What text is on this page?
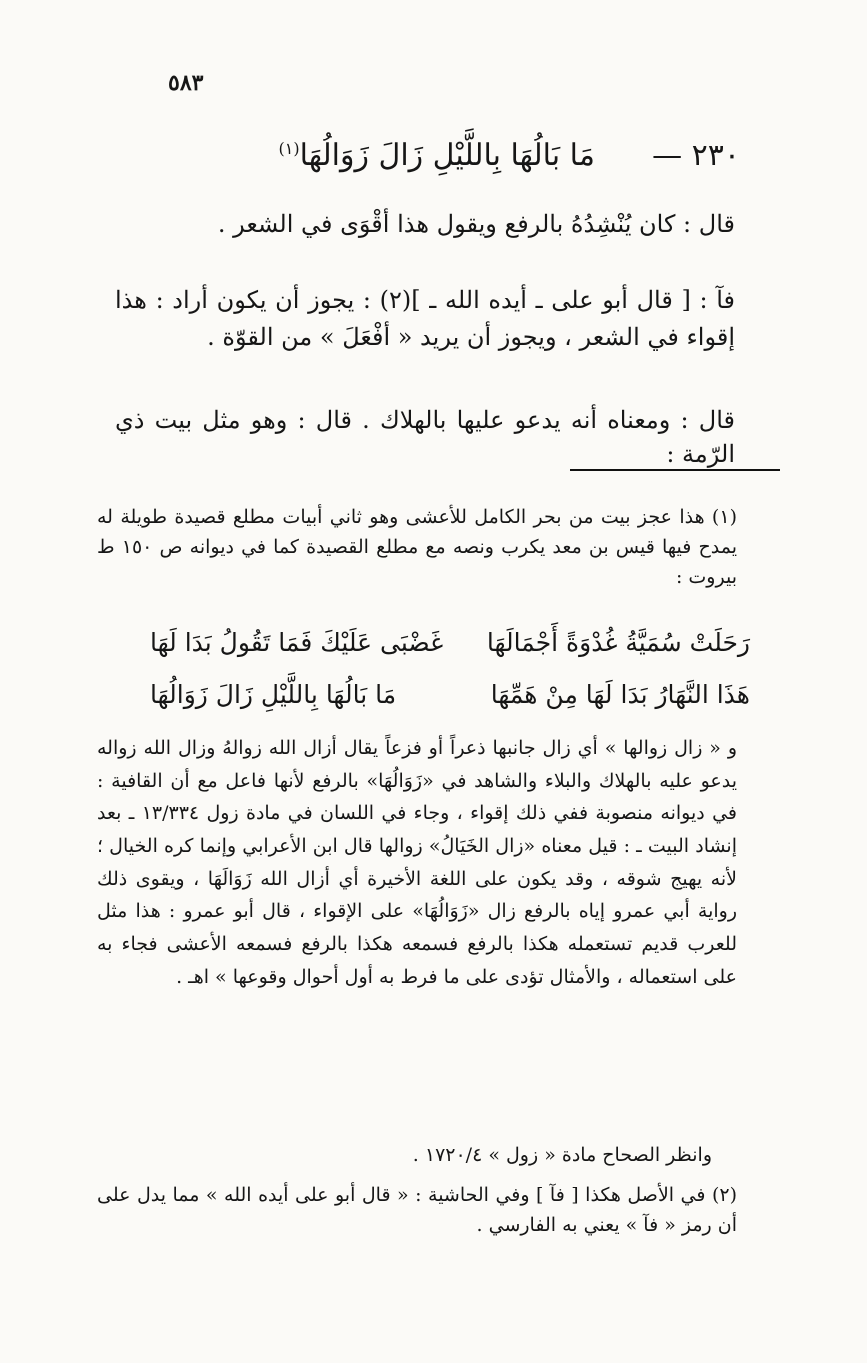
٥٨٣
٢٣٠ —      مَا بَالُهَا بِاللَّيْلِ زَالَ زَوَالُهَا$^{(١)}$
قال : كان يُنْشِدُهُ بالرفع ويقول هذا أقْوَى في الشعر .
فآ : [ قال أبو على ـ أيده الله ـ ](٢) : يجوز أن يكون أراد : هذا إقواء في الشعر ، ويجوز أن يريد « أفْعَلَ » من القوّة .
قال : ومعناه أنه يدعو عليها بالهلاك . قال : وهو مثل بيت ذي الرّمة :
(١) هذا عجز بيت من بحر الكامل للأعشى وهو ثاني أبيات مطلع قصيدة طويلة له يمدح فيها قيس بن معد يكرب ونصه مع مطلع القصيدة كما في ديوانه ص ١٥٠ ط بيروت :
رَحَلَتْ سُمَيَّةُ غُدْوَةً أَجْمَالَهَا
غَضْبَى عَلَيْكَ فَمَا تَقُولُ بَدَا لَهَا
هَذَا النَّهَارُ بَدَا لَهَا مِنْ هَمِّهَا
مَا بَالُهَا بِاللَّيْلِ زَالَ زَوَالُهَا
و « زال زوالها » أي زال جانبها ذعراً أو فزعاً يقال أزال الله زوالهُ وزال الله زواله يدعو عليه بالهلاك والبلاء والشاهد في «زَوَالُهَا» بالرفع لأنها فاعل مع أن القافية : في ديوانه منصوبة ففي ذلك إقواء ، وجاء في اللسان في مادة زول ١٣/٣٣٤ ـ بعد إنشاد البيت ـ : قيل معناه «زال الخَيَالُ» زوالها قال ابن الأعرابي وإنما كره الخيال ؛ لأنه يهيج شوقه ، وقد يكون على اللغة الأخيرة أي أزال الله زَوَالَهَا ، ويقوى ذلك رواية أبي عمرو إياه بالرفع زال «زَوَالُهَا» على الإقواء ، قال أبو عمرو : هذا مثل للعرب قديم تستعمله هكذا بالرفع فسمعه هكذا بالرفع فسمعه الأعشى فجاء به على استعماله ، والأمثال تؤدى على ما فرط به أول أحوال وقوعها » اهـ .
وانظر الصحاح مادة « زول » ١٧٢٠/٤ .
(٢) في الأصل هكذا [ فآ ] وفي الحاشية : « قال أبو على أيده الله » مما يدل على أن رمز « فآ » يعني به الفارسي .
